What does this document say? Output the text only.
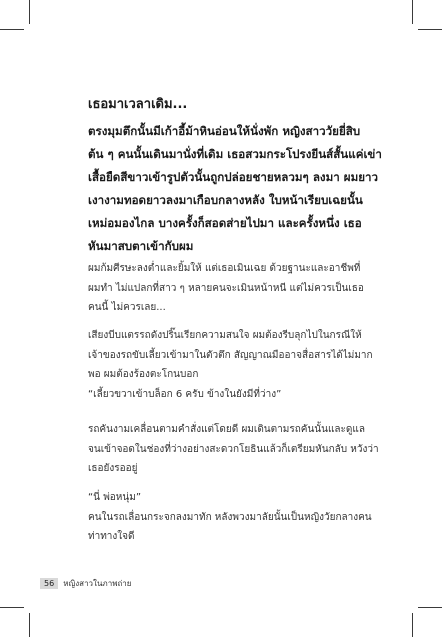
เธอมาเวลาเดิม...
ตรงมุมตึกนั้นมีเก้าอี้ม้าหินอ่อนให้นั่งพัก หญิงสาววัยยี่สิบ
ต้น ๆ คนนั้นเดินมานั่งที่เดิม เธอสวมกระโปรงยีนส์สั้นแค่เข่า
เสื้อยืดสีขาวเข้ารูปตัวนั้นถูกปล่อยชายหลวมๆ ลงมา ผมยาว
เงางามทอดยาวลงมาเกือบกลางหลัง ใบหน้าเรียบเฉยนั้น
เหม่อมองไกล บางครั้งก็สอดส่ายไปมา และครั้งหนึ่ง เธอ
หันมาสบตาเข้ากับผม
ผมก้มศีรษะลงต่ำและยิ้มให้ แต่เธอเมินเฉย ด้วยฐานะและอาชีพที่
ผมทำ ไม่แปลกที่สาว ๆ หลายคนจะเมินหน้าหนี แต่ไม่ควรเป็นเธอ
คนนี้ ไม่ควรเลย...
เสียงบีบแตรรถดังปริ๊นเรียกความสนใจ ผมต้องรีบลุกไปในกรณีให้
เจ้าของรถขับเลี้ยวเข้ามาในตัวตึก สัญญาณมืออาจสื่อสารได้ไม่มาก
พอ ผมต้องร้องตะโกนบอก
“เลี้ยวขวาเข้าบล็อก 6 ครับ ข้างในยังมีที่ว่าง”
รถคันงามเคลื่อนตามคำสั่งแต่โดยดี ผมเดินตามรถคันนั้นและดูแล
จนเข้าจอดในช่องที่ว่างอย่างสะดวกโยธินแล้วก็เตรียมหันกลับ หวังว่า
เธอยังรออยู่
“นี่ พ่อหนุ่ม”
คนในรถเลื่อนกระจกลงมาทัก หลังพวงมาลัยนั้นเป็นหญิงวัยกลางคน
ท่าทางใจดี
56	หญิงสาวในภาพถ่าย
